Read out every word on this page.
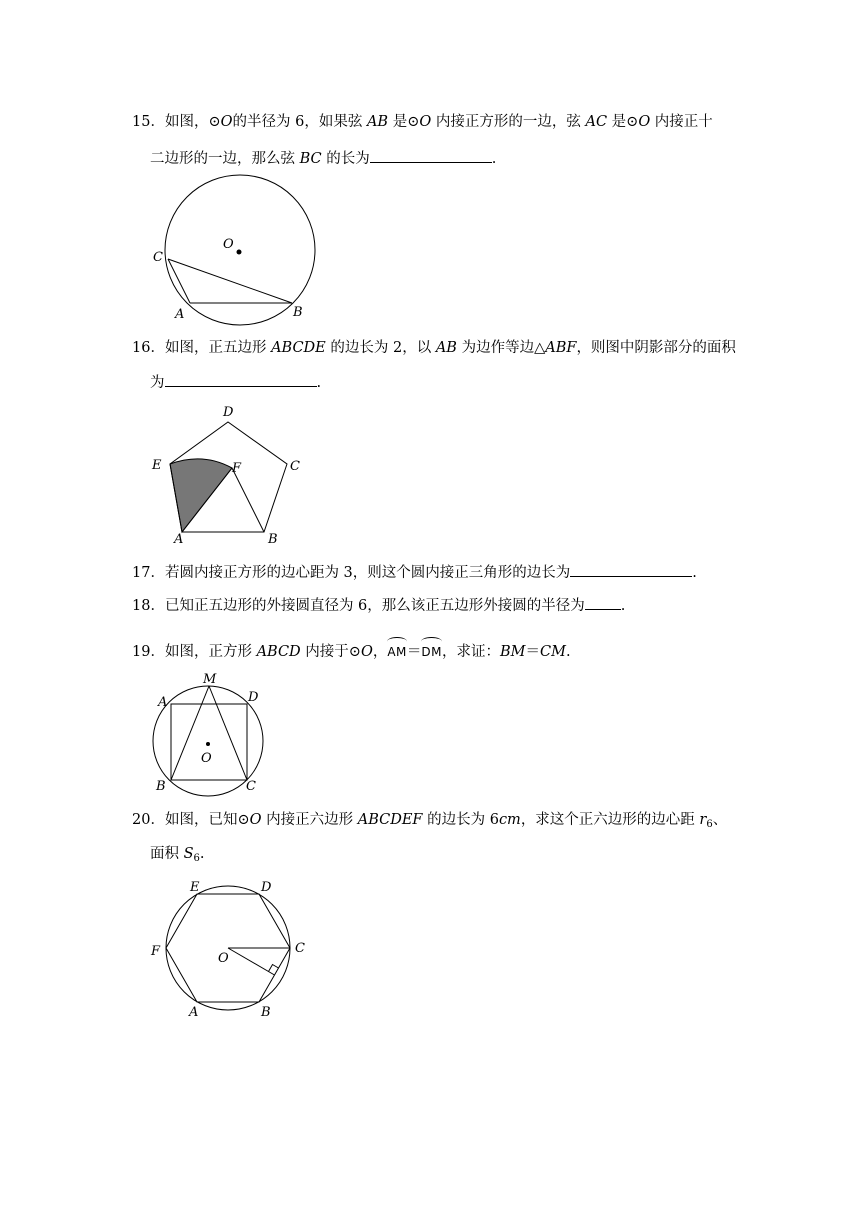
15．如图，⊙O的半径为 6，如果弦 AB 是⊙O 内接正方形的一边，弦 AC 是⊙O 内接正十
二边形的一边，那么弦 BC 的长为	.
O
C
A	B
16．如图，正五边形 ABCDE 的边长为 2，以 AB 为边作等边△ABF，则图中阴影部分的面积
为	.
D
E	F	C
A	B
17．若圆内接正方形的边心距为 3，则这个圆内接正三角形的边长为	.
18．已知正五边形的外接圆直径为 6，那么该正五边形外接圆的半径为 .
19．如图，正方形 ABCD 内接于⊙O，AM＝DM，求证：BM＝CM.
M
A	D
O
B	C
20．如图，已知⊙O 内接正六边形 ABCDEF 的边长为 6cm，求这个正六边形的边心距 $r_6$、
面积 $S_6$.
E	D
F	O
C
A	B
